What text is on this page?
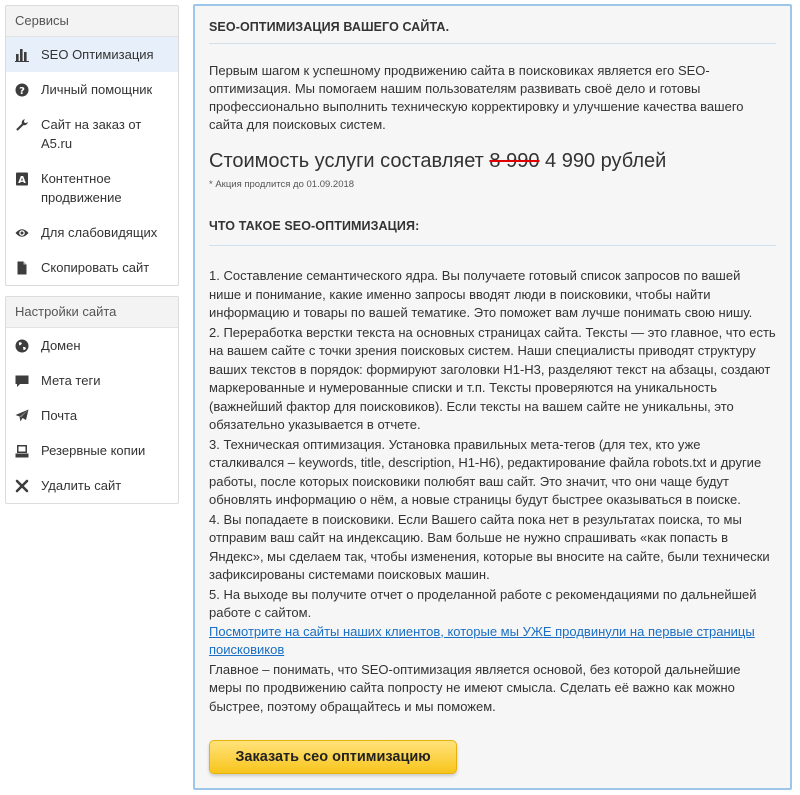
Сервисы
SEO Оптимизация
? Личный помощник
Сайт на заказ от A5.ru
A Контентное продвижение
Для слабовидящих
Скопировать сайт
Настройки сайта
Домен
Мета теги
Почта
Резервные копии
Удалить сайт
SEO-ОПТИМИЗАЦИЯ ВАШЕГО САЙТА.

Первым шагом к успешному продвижению сайта в поисковиках является его SEO-оптимизация. Мы помогаем нашим пользователям развивать своё дело и готовы профессионально выполнить техническую корректировку и улучшение качества вашего сайта для поисковых систем.

Стоимость услуги составляет 8 990 4 990 рублей
* Акция продлится до 01.09.2018
ЧТО ТАКОЕ SEO-ОПТИМИЗАЦИЯ:

1. Составление семантического ядра. Вы получаете готовый список запросов по вашей нише и понимание, какие именно запросы вводят люди в поисковики, чтобы найти информацию и товары по вашей тематике. Это поможет вам лучше понимать свою нишу.

2. Переработка верстки текста на основных страницах сайта. Тексты — это главное, что есть на вашем сайте с точки зрения поисковых систем. Наши специалисты приводят структуру ваших текстов в порядок: формируют заголовки H1-H3, разделяют текст на абзацы, создают маркерованные и нумерованные списки и т.п. Тексты проверяются на уникальность (важнейший фактор для поисковиков). Если тексты на вашем сайте не уникальны, это обязательно указывается в отчете.

3. Техническая оптимизация. Установка правильных мета-тегов (для тех, кто уже сталкивался – keywords, title, description, H1-H6), редактирование файла robots.txt и другие работы, после которых поисковики полюбят ваш сайт. Это значит, что они чаще будут обновлять информацию о нём, а новые страницы будут быстрее оказываться в поиске.

4. Вы попадаете в поисковики. Если Вашего сайта пока нет в результатах поиска, то мы отправим ваш сайт на индексацию. Вам больше не нужно спрашивать «как попасть в Яндекс», мы сделаем так, чтобы изменения, которые вы вносите на сайте, были технически зафиксированы системами поисковых машин.

5. На выходе вы получите отчет о проделанной работе с рекомендациями по дальнейшей работе с сайтом.

Посмотрите на сайты наших клиентов, которые мы УЖЕ продвинули на первые страницы поисковиков

Главное – понимать, что SEO-оптимизация является основой, без которой дальнейшие меры по продвижению сайта попросту не имеют смысла. Сделать её важно как можно быстрее, поэтому обращайтесь и мы поможем.

Заказать сео оптимизацию
